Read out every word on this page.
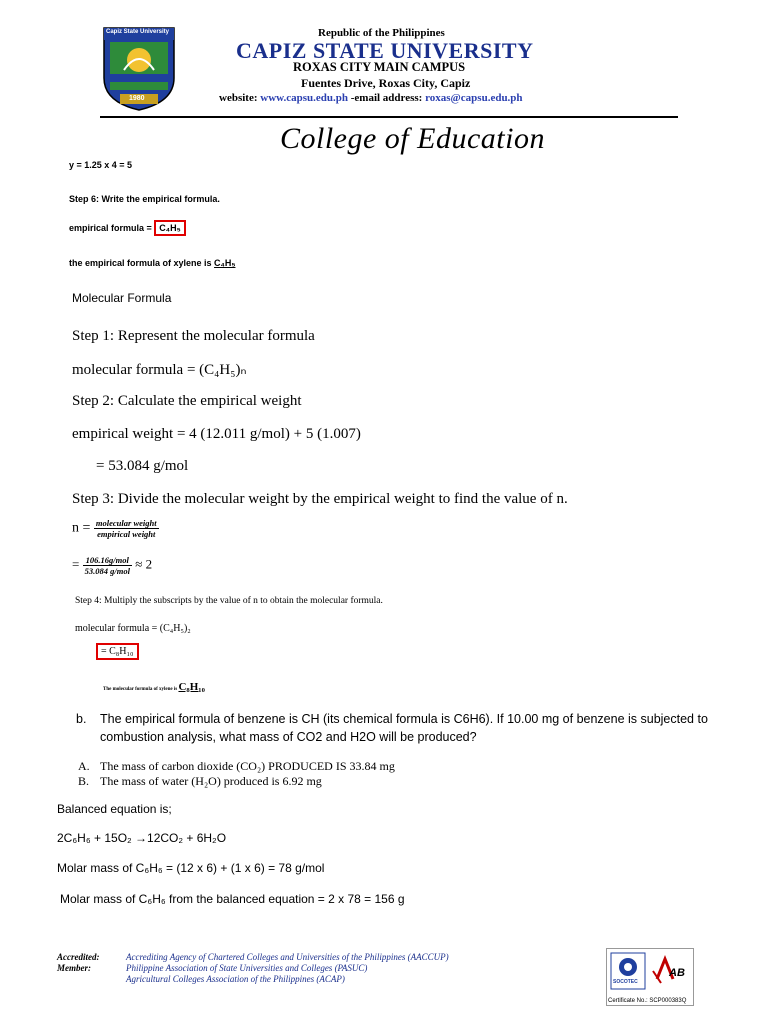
Capiz State University
1980
Republic of the Philippines
CAPIZ STATE UNIVERSITY
ROXAS CITY MAIN CAMPUS
Fuentes Drive, Roxas City, Capiz
website: www.capsu.edu.ph -email address: roxas@capsu.edu.ph
College of Education
y = 1.25 x 4 = 5
Step 6: Write the empirical formula.
empirical formula = C₄H₅
the empirical formula of xylene is C₄H₅
Molecular Formula
Step 1: Represent the molecular formula
molecular formula = (C₄H₅)ₙ
Step 2: Calculate the empirical weight
empirical weight = 4 (12.011 g/mol) + 5 (1.007)
= 53.084 g/mol
Step 3: Divide the molecular weight by the empirical weight to find the value of n.
$n = \frac{\text{molecular weight}}{\text{empirical weight}}$
= $\frac{\text{106.16g/mol}}{\text{53.084 g/mol}} \approx 2$
Step 4: Multiply the subscripts by the value of n to obtain the molecular formula.
molecular formula = (C₄H₅)₂
= C₈H₁₀
The molecular formula of xylene is C₈H₁₀
b. The empirical formula of benzene is CH (its chemical formula is C6H6). If 10.00 mg of benzene is subjected to
combustion analysis, what mass of CO2 and H2O will be produced?
A. The mass of carbon dioxide (CO₂) PRODUCED IS 33.84 mg
B. The mass of water (H₂O) produced is 6.92 mg
Balanced equation is;
2C₆H₆ + 15O₂ →12CO₂ + 6H₂O
Molar mass of C₆H₆ = (12 x 6) + (1 x 6) = 78 g/mol
Molar mass of C₆H₆ from the balanced equation = 2 x 78 = 156 g
Accredited:
Member:
Accrediting Agency of Chartered Colleges and Universities of the Philippines (AACCUP)
Philippine Association of State Universities and Colleges (PASUC)
Agricultural Colleges Association of the Philippines (ACAP)	SOCOTEC
AB
Certificate No.: SCP000383Q
